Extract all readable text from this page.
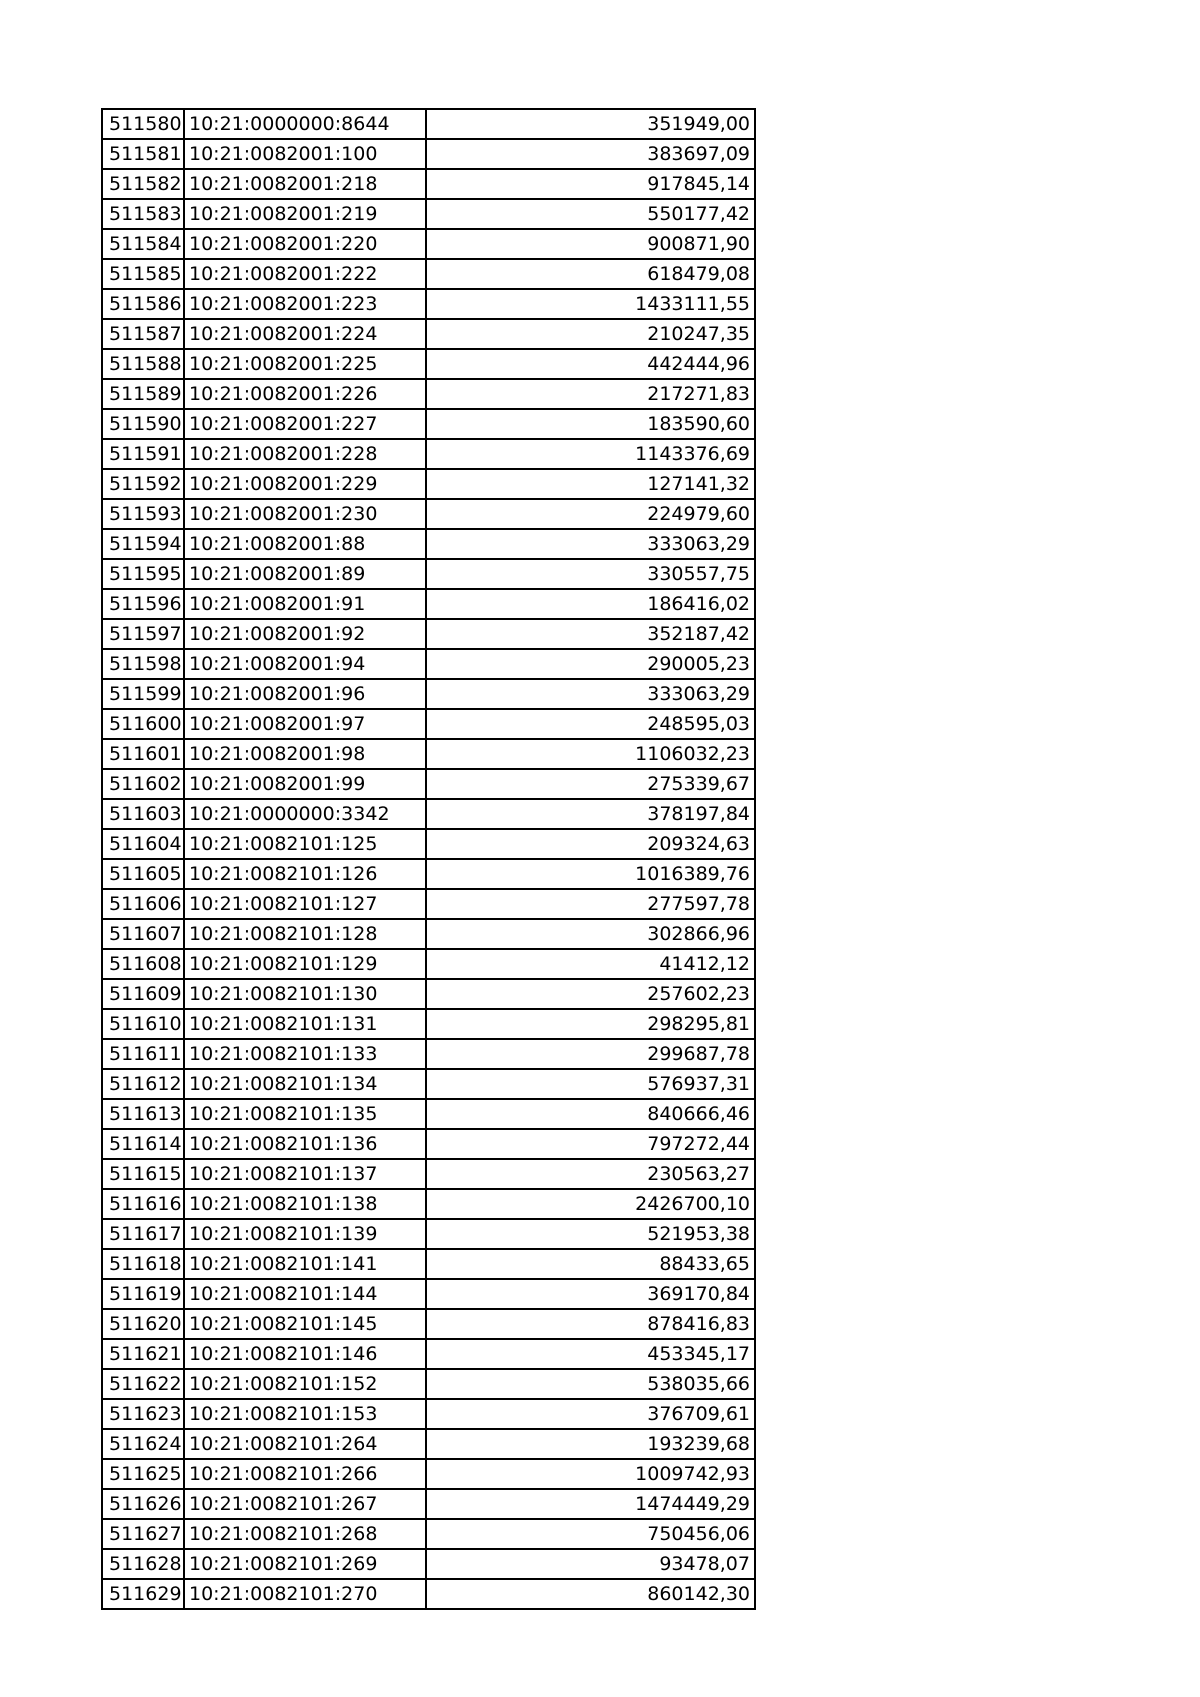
511580	10:21:0000000:8644	351949,00
511581	10:21:0082001:100	383697,09
511582	10:21:0082001:218	917845,14
511583	10:21:0082001:219	550177,42
511584	10:21:0082001:220	900871,90
511585	10:21:0082001:222	618479,08
511586	10:21:0082001:223	1433111,55
511587	10:21:0082001:224	210247,35
511588	10:21:0082001:225	442444,96
511589	10:21:0082001:226	217271,83
511590	10:21:0082001:227	183590,60
511591	10:21:0082001:228	1143376,69
511592	10:21:0082001:229	127141,32
511593	10:21:0082001:230	224979,60
511594	10:21:0082001:88	333063,29
511595	10:21:0082001:89	330557,75
511596	10:21:0082001:91	186416,02
511597	10:21:0082001:92	352187,42
511598	10:21:0082001:94	290005,23
511599	10:21:0082001:96	333063,29
511600	10:21:0082001:97	248595,03
511601	10:21:0082001:98	1106032,23
511602	10:21:0082001:99	275339,67
511603	10:21:0000000:3342	378197,84
511604	10:21:0082101:125	209324,63
511605	10:21:0082101:126	1016389,76
511606	10:21:0082101:127	277597,78
511607	10:21:0082101:128	302866,96
511608	10:21:0082101:129	41412,12
511609	10:21:0082101:130	257602,23
511610	10:21:0082101:131	298295,81
511611	10:21:0082101:133	299687,78
511612	10:21:0082101:134	576937,31
511613	10:21:0082101:135	840666,46
511614	10:21:0082101:136	797272,44
511615	10:21:0082101:137	230563,27
511616	10:21:0082101:138	2426700,10
511617	10:21:0082101:139	521953,38
511618	10:21:0082101:141	88433,65
511619	10:21:0082101:144	369170,84
511620	10:21:0082101:145	878416,83
511621	10:21:0082101:146	453345,17
511622	10:21:0082101:152	538035,66
511623	10:21:0082101:153	376709,61
511624	10:21:0082101:264	193239,68
511625	10:21:0082101:266	1009742,93
511626	10:21:0082101:267	1474449,29
511627	10:21:0082101:268	750456,06
511628	10:21:0082101:269	93478,07
511629	10:21:0082101:270	860142,30
